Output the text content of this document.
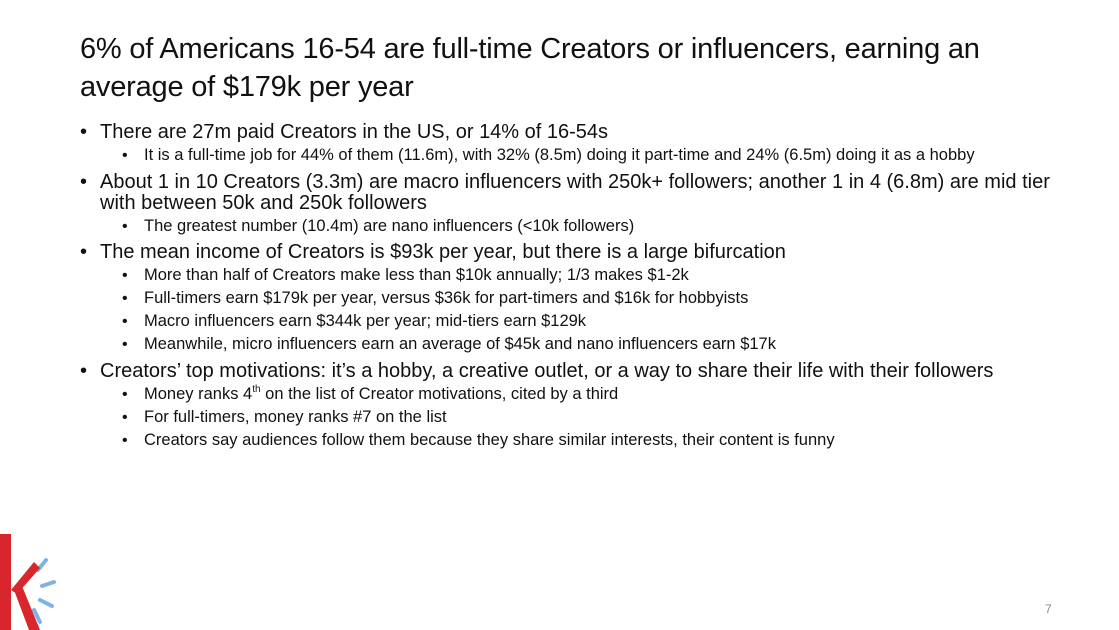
6% of Americans 16-54 are full-time Creators or influencers, earning an average of $179k per year
• There are 27m paid Creators in the US, or 14% of 16-54s
• It is a full-time job for 44% of them (11.6m), with 32% (8.5m) doing it part-time and 24% (6.5m) doing it as a hobby
• About 1 in 10 Creators (3.3m) are macro influencers with 250k+ followers; another 1 in 4 (6.8m) are mid tier with between 50k and 250k followers
• The greatest number (10.4m) are nano influencers (<10k followers)
• The mean income of Creators is $93k per year, but there is a large bifurcation
• More than half of Creators make less than $10k annually; 1/3 makes $1-2k
• Full-timers earn $179k per year, versus $36k for part-timers and $16k for hobbyists
• Macro influencers earn $344k per year; mid-tiers earn $129k
• Meanwhile, micro influencers earn an average of $45k and nano influencers earn $17k
• Creators’ top motivations: it’s a hobby, a creative outlet, or a way to share their life with their followers
• Money ranks 4th on the list of Creator motivations, cited by a third
• For full-timers, money ranks #7 on the list
• Creators say audiences follow them because they share similar interests, their content is funny
7
